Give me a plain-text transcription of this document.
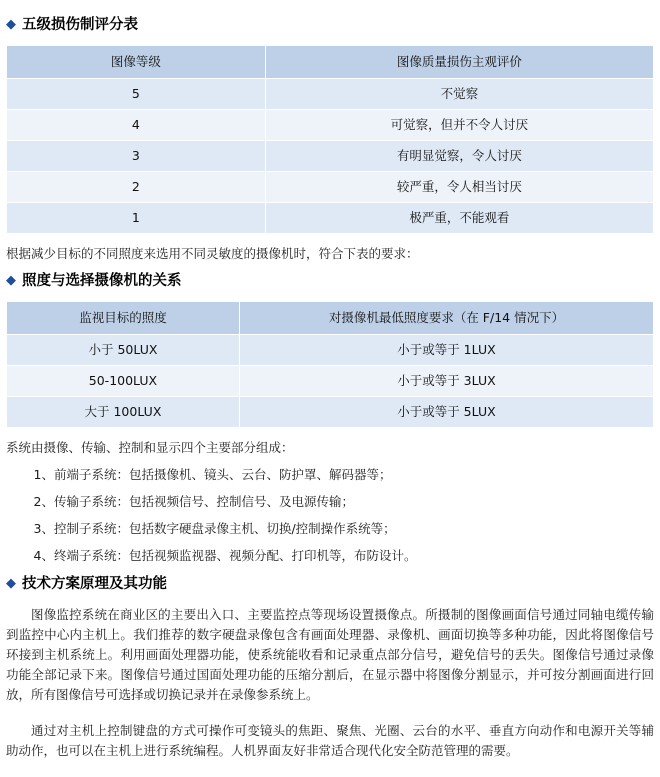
◆ 五级损伤制评分表
图像等级	图像质量损伤主观评价
5	不觉察
4	可觉察，但并不令人讨厌
3	有明显觉察，令人讨厌
2	较严重，令人相当讨厌
1	极严重，不能观看

根据减少目标的不同照度来选用不同灵敏度的摄像机时，符合下表的要求：

◆ 照度与选择摄像机的关系
监视目标的照度	对摄像机最低照度要求（在 F/14 情况下）
小于 50LUX	小于或等于 1LUX
50-100LUX	小于或等于 3LUX
大于 100LUX	小于或等于 5LUX

系统由摄像、传输、控制和显示四个主要部分组成：

1、前端子系统：包括摄像机、镜头、云台、防护罩、解码器等；
2、传输子系统：包括视频信号、控制信号、及电源传输；
3、控制子系统：包括数字硬盘录像主机、切换/控制操作系统等；
4、终端子系统：包括视频监视器、视频分配、打印机等，布防设计。
◆ 技术方案原理及其功能

图像监控系统在商业区的主要出入口、主要监控点等现场设置摄像点。所摄制的图像画面信号通过同轴电缆传输到监控中心内主机上。我们推荐的数字硬盘录像包含有画面处理器、录像机、画面切换等多种功能，因此将图像信号环接到主机系统上。利用画面处理器功能，使系统能收看和记录重点部分信号，避免信号的丢失。图像信号通过录像功能全部记录下来。图像信号通过国面处理功能的压缩分割后，在显示器中将图像分割显示，并可按分割画面进行回放，所有图像信号可选择或切换记录并在录像参系统上。

通过对主机上控制键盘的方式可操作可变镜头的焦距、聚焦、光圈、云台的水平、垂直方向动作和电源开关等辅助动作，也可以在主机上进行系统编程。人机界面友好非常适合现代化安全防范管理的需要。
